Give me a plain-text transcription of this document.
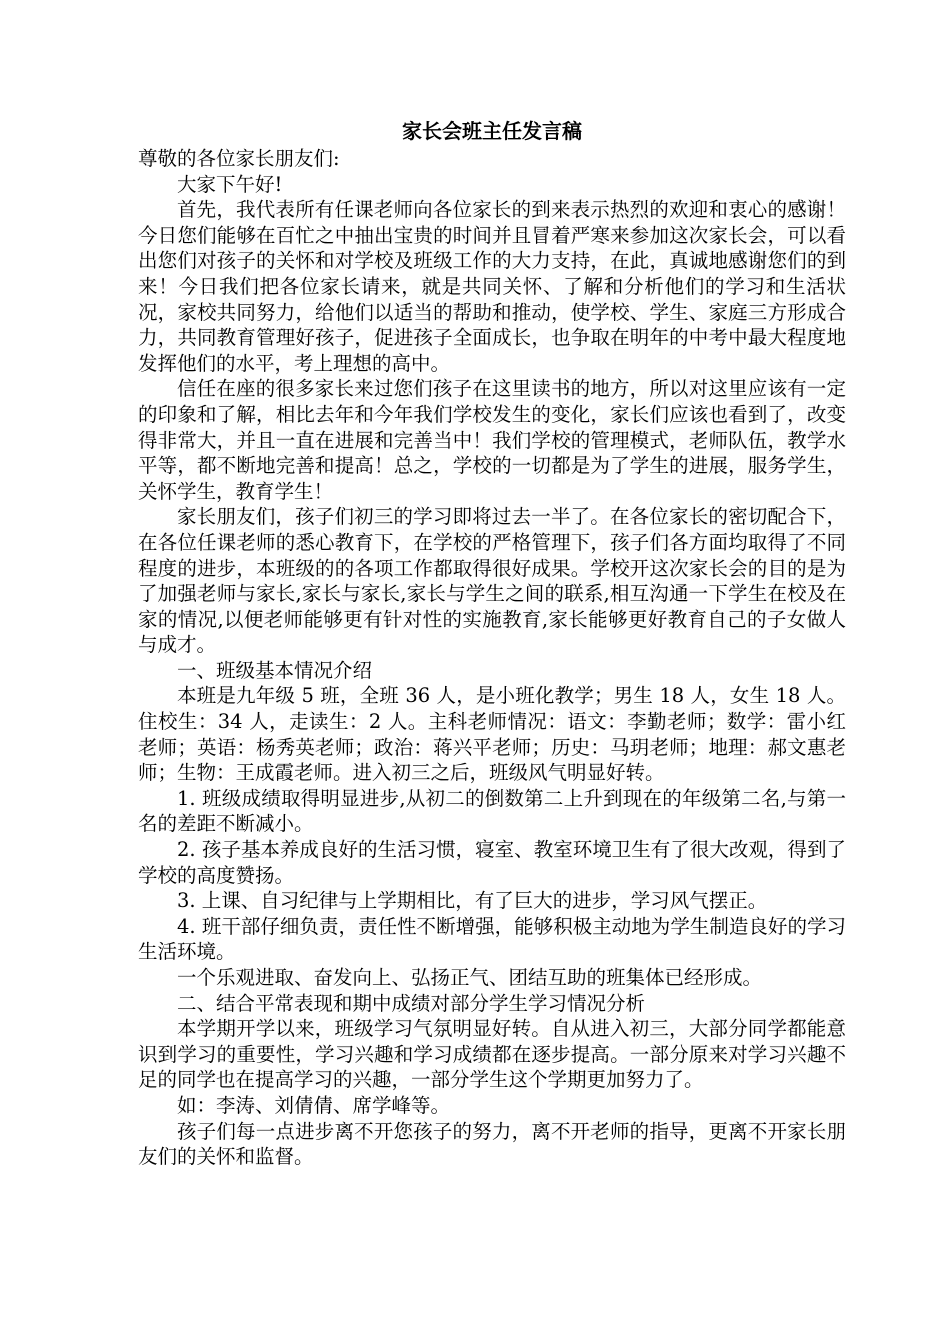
家长会班主任发言稿

尊敬的各位家长朋友们:

大家下午好!

首先，我代表所有任课老师向各位家长的到来表示热烈的欢迎和衷心的感谢！今日您们能够在百忙之中抽出宝贵的时间并且冒着严寒来参加这次家长会，可以看出您们对孩子的关怀和对学校及班级工作的大力支持，在此，真诚地感谢您们的到来！今日我们把各位家长请来，就是共同关怀、了解和分析他们的学习和生活状况，家校共同努力，给他们以适当的帮助和推动，使学校、学生、家庭三方形成合力，共同教育管理好孩子，促进孩子全面成长，也争取在明年的中考中最大程度地发挥他们的水平，考上理想的高中。

信任在座的很多家长来过您们孩子在这里读书的地方，所以对这里应该有一定的印象和了解，相比去年和今年我们学校发生的变化，家长们应该也看到了，改变得非常大，并且一直在进展和完善当中！我们学校的管理模式，老师队伍，教学水平等，都不断地完善和提高！总之，学校的一切都是为了学生的进展，服务学生，关怀学生，教育学生！

家长朋友们，孩子们初三的学习即将过去一半了。在各位家长的密切配合下，在各位任课老师的悉心教育下，在学校的严格管理下，孩子们各方面均取得了不同程度的进步，本班级的的各项工作都取得很好成果。学校开这次家长会的目的是为了加强老师与家长,家长与家长,家长与学生之间的联系,相互沟通一下学生在校及在家的情况,以便老师能够更有针对性的实施教育,家长能够更好教育自己的子女做人与成才。

一、班级基本情况介绍

本班是九年级 5 班，全班 36 人，是小班化教学；男生 18 人，女生 18 人。住校生：34 人，走读生：2 人。主科老师情况：语文：李勤老师；数学：雷小红老师；英语：杨秀英老师；政治：蒋兴平老师；历史：马玥老师；地理：郝文惠老师；生物：王成霞老师。进入初三之后，班级风气明显好转。

1. 班级成绩取得明显进步,从初二的倒数第二上升到现在的年级第二名,与第一名的差距不断减小。

2. 孩子基本养成良好的生活习惯，寝室、教室环境卫生有了很大改观，得到了学校的高度赞扬。

3. 上课、自习纪律与上学期相比，有了巨大的进步，学习风气摆正。

4. 班干部仔细负责，责任性不断增强，能够积极主动地为学生制造良好的学习生活环境。

一个乐观进取、奋发向上、弘扬正气、团结互助的班集体已经形成。

二、结合平常表现和期中成绩对部分学生学习情况分析

本学期开学以来，班级学习气氛明显好转。自从进入初三，大部分同学都能意识到学习的重要性，学习兴趣和学习成绩都在逐步提高。一部分原来对学习兴趣不足的同学也在提高学习的兴趣，一部分学生这个学期更加努力了。

如：李涛、刘倩倩、席学峰等。

孩子们每一点进步离不开您孩子的努力，离不开老师的指导，更离不开家长朋友们的关怀和监督。
